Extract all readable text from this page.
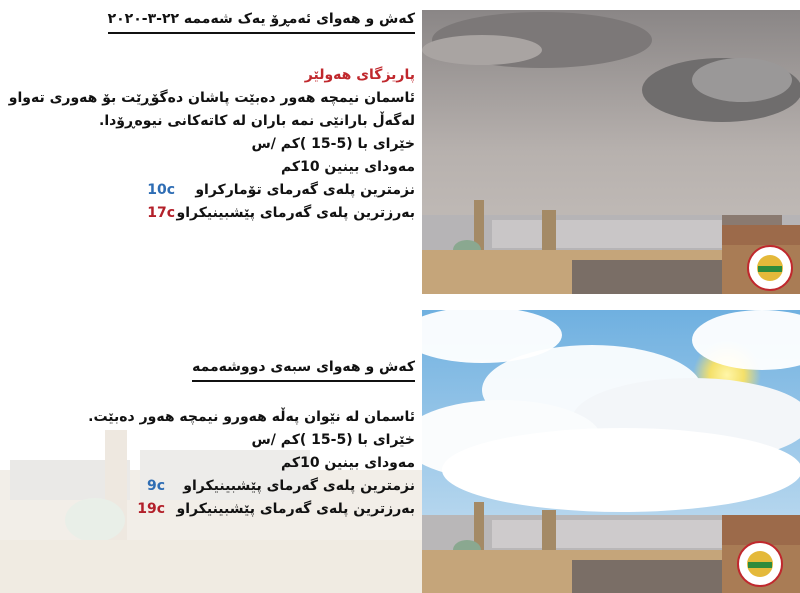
کەش و هەوای ئەمڕۆ یەک شەممە ٢٢-٣-٢٠٢٠
پاریزگای هەولێر
ئاسمان نیمچە هەور دەبێت پاشان دەگۆڕێت بۆ هەوری تەواو
لەگەڵ بارانێی نمە باران لە کاتەکانی نیوەڕۆدا.
خێرای با (5-15 )کم /س
مەودای بینین 10کم
نزمترین پلەی گەرمای تۆمارکراو
10c
بەرزترین پلەی گەرمای پێشبینیکراو
17c
کەش و هەوای سبەی دووشەممە
ئاسمان لە نێوان پەڵە هەورو نیمچە هەور دەبێت.
خێرای با (5-15 )کم /س
مەودای بینین 10کم
نزمترین پلەی گەرمای پێشبینیکراو
9c
بەرزترین پلەی گەرمای پێشبینیکراو
19c
